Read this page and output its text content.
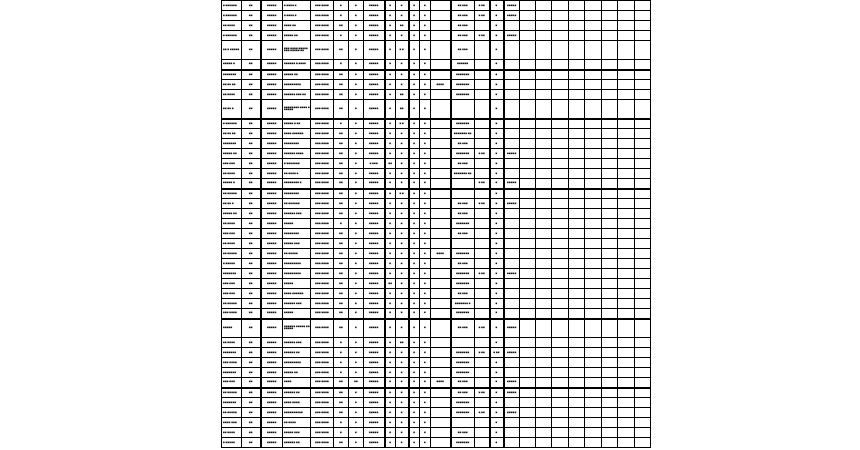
■ ■■■■■■	■■	■■■■■	■ ■■■■ ■	■■■ ■■■■	■	■	■■■■■	■	■	■	■		■■ ■■■	■ ■■	■	■■■■■								
■ ■■■■■■	■■	■■■■■	■ ■■■■ ■	■■■ ■■■■	■	■	■■■■■	■	■	■	■		■■ ■■■	■ ■■	■	■■■■■								
■■ ■■■■	■■	■■■■■	■■■■ ■■	■■■ ■■■■	■■	■	■■■■■	■	■■	■	■		■■ ■■■		■									
■ ■■■■■■	■■	■■■■■	■■■■■ ■■	■■■ ■■■■	■	■	■■■■■	■	■	■	■		■■ ■■■	■ ■■	■	■■■■■								
■■ ■ ■■■■■	■■	■■■■■	■■■ ■■■■ ■■■■■ ■■■ ■■■■■ ■■	■■■ ■■■■	■■	■	■■■■■	■	■ ■	■	■		■■ ■■■		■									
■■■■■ ■	■■	■■■■■	■■■■■■ ■ ■■■■	■■■ ■■■■	■	■	■■■■■	■	■	■	■		■■■■■■		■									
■■■■■■■	■■	■■■■■	■■■■■ ■■	■■■ ■■■■	■■	■	■■■■■	■	■	■	■		■■■■■■■		■									
■■ ■■ ■■	■■	■■■■■	■■■■■■■■■	■■■ ■■■■	■■	■	■■■■■	■	■	■	■	■■■■	■■■■■■■		■									
■■ ■■■■	■■	■■■■■	■■■■■■ ■■■ ■■	■■■ ■■■■	■■	■	■■■■■	■	■■	■	■		■■■■■■■		■									
■■ ■■ ■	■■	■■■■■	■■■■■■■■ ■■■■ ■■■■■■	■■■ ■■■■	■■	■	■■■■■	■	■■	■	■				■									
■ ■■■■■■	■■	■■■■■	■■■■■ ■ ■■	■■■ ■■■■	■	■	■■■■■	■	■ ■	■	■		■■■■■■■		■									
■■ ■■ ■■	■■	■■■■■	■■■■ ■■■■■■	■■■ ■■■■	■■	■	■■■■■	■	■	■	■		■■■■■■■ ■■		■									
■■■■■■■	■■	■■■■■	■■■■■■■■	■■■ ■■■■	■■	■	■■■■■	■	■	■	■		■■ ■■■		■									
■■■■■ ■■	■■	■■■■■	■■■■■■ ■■■■	■■■ ■■■■	■■	■	■■■■■	■	■	■	■		■■■■■■■	■ ■■	■	■■■■■								
■■■ ■■■	■■	■■■■■	■ ■■■■■■■	■■■ ■■■■	■■	■	■ ■■■	■■	■	■	■		■■ ■■■		■									
■■ ■■■■	■■	■■■■■	■■ ■■■■ ■	■■■ ■■■■	■■	■	■■■■■	■	■	■	■		■■■■■■■ ■■		■									
■■■■■ ■	■■	■■■■■	■■■■■■■■ ■	■■■ ■■■■	■■	■	■■■■■	■	■	■	■			■ ■■	■	■■■■■								
■■ ■■■■■	■■	■■■■■	■■■■■■■■	■■■ ■■■■	■■	■	■■■■■	■	■ ■	■	■				■									
■■ ■■ ■	■■	■■■■■	■■ ■■■■■■	■■■ ■■■■	■■	■	■■■■■	■	■	■	■		■■ ■■■	■ ■■	■	■■■■■								
■■■■■ ■■	■■	■■■■■	■■■■■■ ■■■	■■■ ■■■■	■■	■	■■■■■	■	■	■	■		■■ ■■■		■									
■■ ■■■■	■■	■■■■■	■■■■■	■■■ ■■■■	■	■	■■■■■	■	■	■	■		■■■■■■■		■									
■■■ ■■■	■■	■■■■■	■■■■■■■■	■■■ ■■■■	■■	■	■■■■■	■	■	■	■		■■ ■■■		■									
■■ ■■■■	■■	■■■■■	■■■■■ ■■■	■■■ ■■■■	■■	■	■■■■■	■	■	■	■				■									
■■ ■■■■■	■■	■■■■■	■■ ■■■■■	■■■ ■■■■	■■	■	■■■■■	■	■	■	■	■■■■	■■■■■■■		■									
■ ■■■■■	■■	■■■■■	■■■■■■■■■	■■■ ■■■■	■■	■	■■■■■	■	■	■	■		■■ ■■■		■									
■■■■■■■	■■	■■■■■	■■■■■■■■■	■■■ ■■■■	■■	■	■■■■■	■	■	■	■		■■■■■■■	■ ■■	■	■■■■■								
■■■ ■■■	■■	■■■■■	■■■■■	■■■ ■■■■	■■	■	■■■■■	■■	■	■	■		■■■■■■■		■									
■■■ ■■■	■■	■■■■■	■■■■ ■■■■■■	■■■ ■■■■	■■	■	■■■■■	■	■	■	■		■■ ■■■		■									
■■ ■■■■■	■■	■■■■■	■■■■■■ ■■■	■■■ ■■■■	■■	■	■■■■■	■	■	■	■		■■■■■■■ ■		■									
■■■ ■■■■	■■	■■■■■	■■■■■	■■■ ■■■■	■■	■	■■■■■	■	■	■	■		■■■■■■■		■									
■■■■■	■■	■■■■■	■■■■■■ ■■■■■ ■■■■■■■	■■■ ■■■■	■■	■	■■■■■	■	■	■	■		■■ ■■■	■ ■■	■	■■■■■								
■■ ■■■■	■■	■■■■■	■■■■■■ ■■■	■■■ ■■■■	■	■	■■■■■	■	■■	■	■				■									
■■■■■■■	■■	■■■■■	■■■■■■ ■■	■■■ ■■■■	■	■	■■■■■	■	■	■	■		■■■■■■■	■ ■■	■ ■■	■■■■■								
■■■ ■■■■	■■	■■■■■	■■■■■■■■■	■■■ ■■■■	■	■	■■■■■	■	■	■	■		■■■■■■■		■									
■■■■■■■	■■	■■■■■	■■■■■ ■■	■■■ ■■■■	■	■	■■■■■	■	■	■	■		■■■■■■■		■									
■■■ ■■■	■■	■■■■■	■■■■	■■■ ■■■■	■■	■■	■■■■■	■	■	■	■	■■■■	■■ ■■■		■	■■■■■								
■■ ■■■■■	■■	■■■■■	■■■■■■ ■■	■■■ ■■■■	■■	■	■■■■■	■	■	■	■		■■ ■■■	■ ■■	■	■■■■■								
■■■■■■■	■■	■■■■■	■■■■ ■■■■	■■■ ■■■■	■■	■	■■■■■	■	■	■	■		■■■■■■■		■									
■■ ■■■■■	■■	■■■■■	■■■■■■■■■■	■■■ ■■■■	■■	■	■■■■■	■	■	■	■		■■■■■■■	■ ■■	■	■■■■■								
■■■■ ■■■	■■	■■■■■	■■ ■■■■	■■■ ■■■■	■	■	■■■■■	■	■	■	■				■									
■■ ■■■■	■■	■■■■■	■■■■■ ■■■	■■■ ■■■■	■	■	■■■■■	■	■	■	■		■■ ■■■		■									
■ ■■■■■	■■	■■■■■	■■■■■■ ■■	■■■ ■■■■	■■	■	■■■■■	■	■	■	■		■■■■■■■		■									
